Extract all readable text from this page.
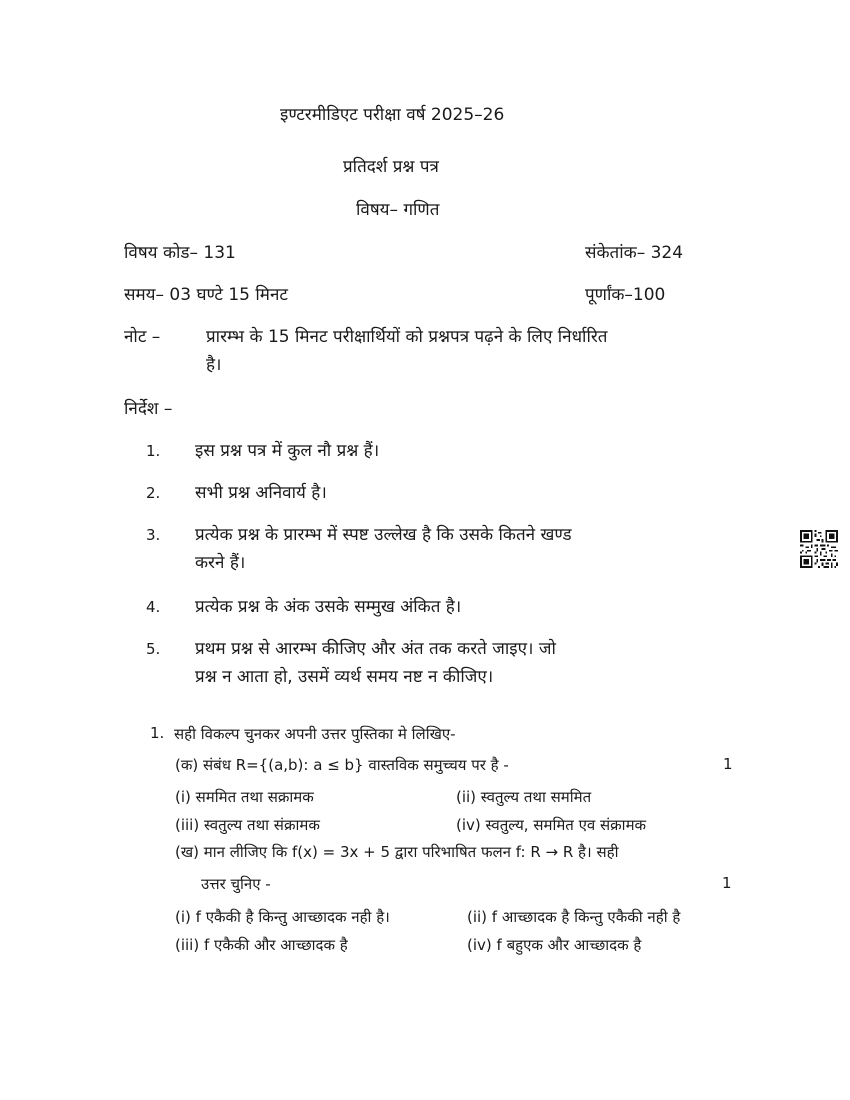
इण्टरमीडिएट परीक्षा वर्ष 2025–26
प्रतिदर्श प्रश्न पत्र
विषय– गणित
विषय कोड– 131	संकेतांक– 324
समय– 03 घण्टे 15 मिनट	पूर्णांक–100
नोट –	प्रारम्भ के 15 मिनट परीक्षार्थियों को प्रश्नपत्र पढ़ने के लिए निर्धारित
है।
निर्देश –
1. इस प्रश्न पत्र में कुल नौ प्रश्न हैं।
2. सभी प्रश्न अनिवार्य है।
3. प्रत्येक प्रश्न के प्रारम्भ में स्पष्ट उल्लेख है कि उसके कितने खण्ड
करने हैं।
4. प्रत्येक प्रश्न के अंक उसके सम्मुख अंकित है।
5. प्रथम प्रश्न से आरम्भ कीजिए और अंत तक करते जाइए। जो
प्रश्न न आता हो, उसमें व्यर्थ समय नष्ट न कीजिए।
1. सही विकल्प चुनकर अपनी उत्तर पुस्तिका मे लिखिए-
(क) संबंध R={(a,b): a ≤ b} वास्तविक समुच्चय पर है -	1
(i) सममित तथा सक्रामक	(ii) स्वतुल्य तथा सममित
(iii) स्वतुल्य तथा संक्रामक	(iv) स्वतुल्य, सममित एव संक्रामक
(ख) मान लीजिए कि f(x) = 3x + 5 द्वारा परिभाषित फलन f: R → R है। सही
उत्तर चुनिए -	1
(i) f एकैकी है किन्तु आच्छादक नही है।	(ii) f आच्छादक है किन्तु एकैकी नही है
(iii) f एकैकी और आच्छादक है	(iv) f बहुएक और आच्छादक है
